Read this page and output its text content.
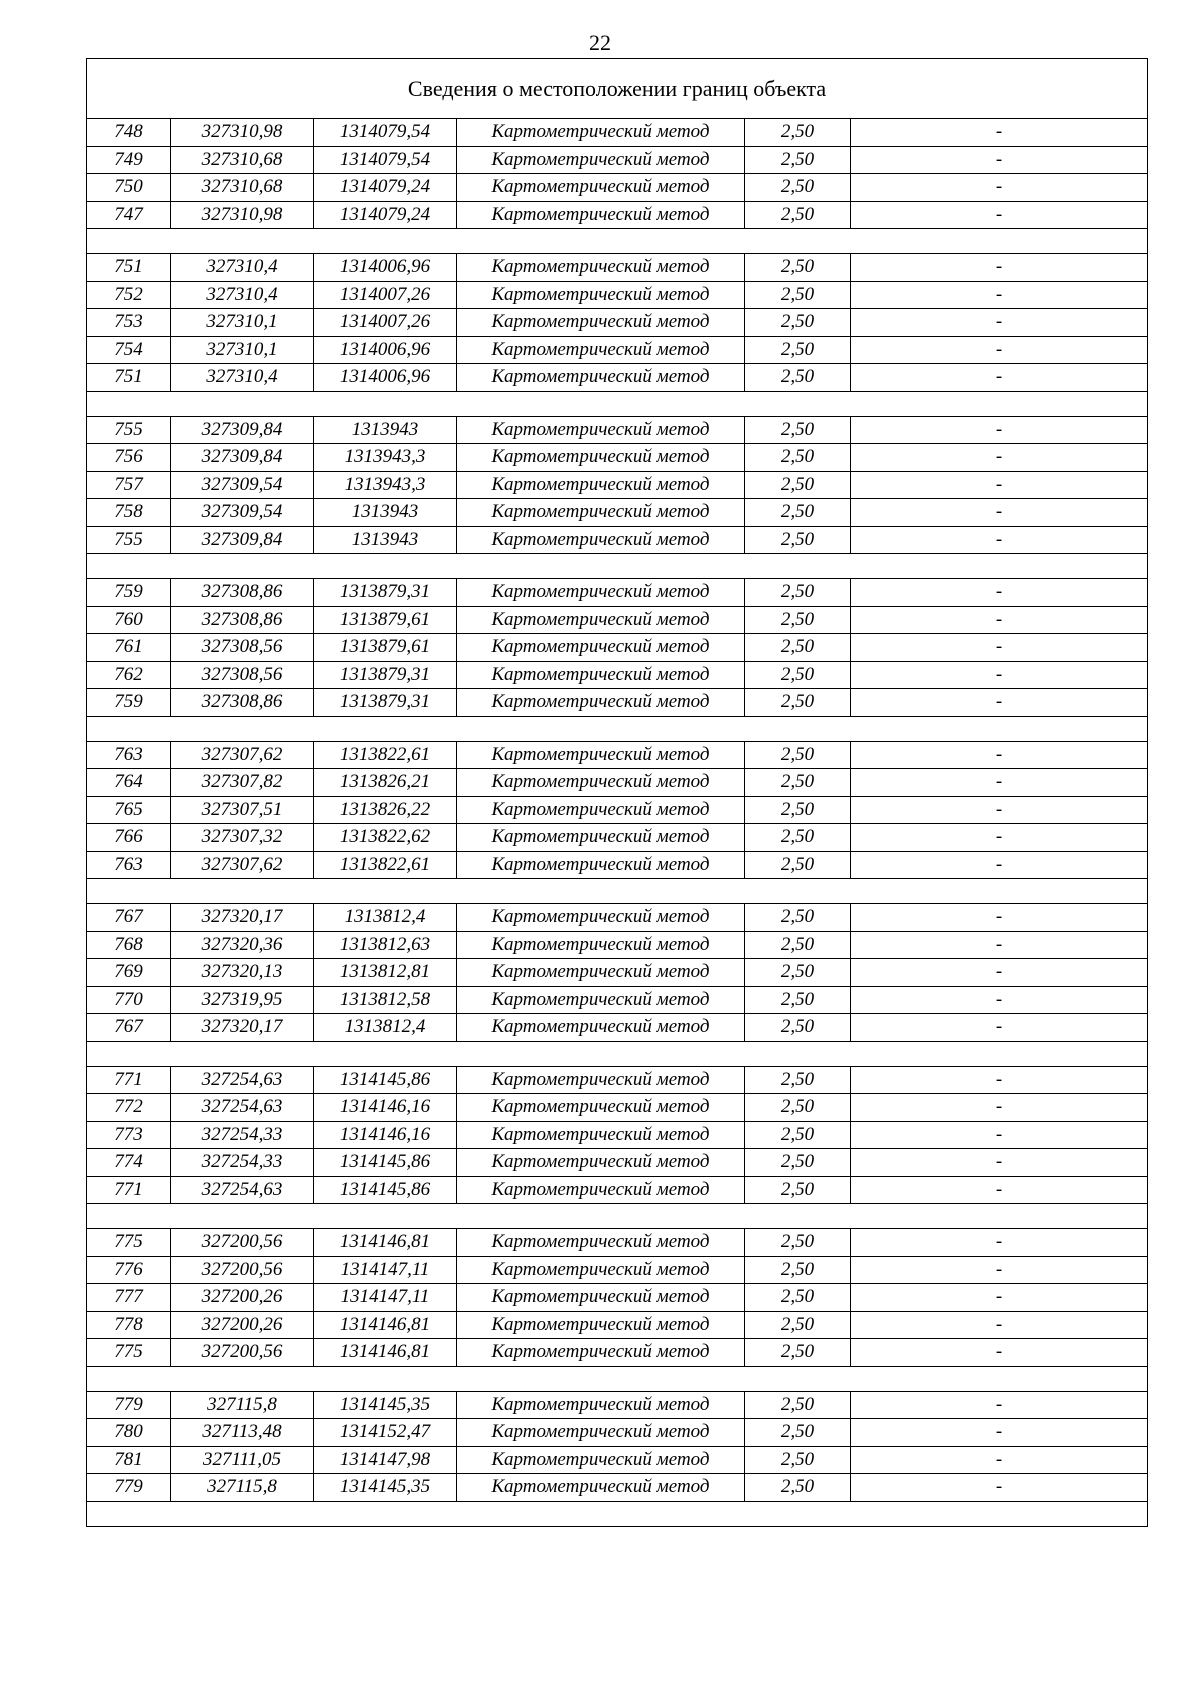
22
Сведения о местоположении границ объекта					
748	327310,98	1314079,54	Картометрический метод	2,50	-
749	327310,68	1314079,54	Картометрический метод	2,50	-
750	327310,68	1314079,24	Картометрический метод	2,50	-
747	327310,98	1314079,24	Картометрический метод	2,50	-

751	327310,4	1314006,96	Картометрический метод	2,50	-
752	327310,4	1314007,26	Картометрический метод	2,50	-
753	327310,1	1314007,26	Картометрический метод	2,50	-
754	327310,1	1314006,96	Картометрический метод	2,50	-
751	327310,4	1314006,96	Картометрический метод	2,50	-

755	327309,84	1313943	Картометрический метод	2,50	-
756	327309,84	1313943,3	Картометрический метод	2,50	-
757	327309,54	1313943,3	Картометрический метод	2,50	-
758	327309,54	1313943	Картометрический метод	2,50	-
755	327309,84	1313943	Картометрический метод	2,50	-

759	327308,86	1313879,31	Картометрический метод	2,50	-
760	327308,86	1313879,61	Картометрический метод	2,50	-
761	327308,56	1313879,61	Картометрический метод	2,50	-
762	327308,56	1313879,31	Картометрический метод	2,50	-
759	327308,86	1313879,31	Картометрический метод	2,50	-

763	327307,62	1313822,61	Картометрический метод	2,50	-
764	327307,82	1313826,21	Картометрический метод	2,50	-
765	327307,51	1313826,22	Картометрический метод	2,50	-
766	327307,32	1313822,62	Картометрический метод	2,50	-
763	327307,62	1313822,61	Картометрический метод	2,50	-

767	327320,17	1313812,4	Картометрический метод	2,50	-
768	327320,36	1313812,63	Картометрический метод	2,50	-
769	327320,13	1313812,81	Картометрический метод	2,50	-
770	327319,95	1313812,58	Картометрический метод	2,50	-
767	327320,17	1313812,4	Картометрический метод	2,50	-

771	327254,63	1314145,86	Картометрический метод	2,50	-
772	327254,63	1314146,16	Картометрический метод	2,50	-
773	327254,33	1314146,16	Картометрический метод	2,50	-
774	327254,33	1314145,86	Картометрический метод	2,50	-
771	327254,63	1314145,86	Картометрический метод	2,50	-

775	327200,56	1314146,81	Картометрический метод	2,50	-
776	327200,56	1314147,11	Картометрический метод	2,50	-
777	327200,26	1314147,11	Картометрический метод	2,50	-
778	327200,26	1314146,81	Картометрический метод	2,50	-
775	327200,56	1314146,81	Картометрический метод	2,50	-

779	327115,8	1314145,35	Картометрический метод	2,50	-
780	327113,48	1314152,47	Картометрический метод	2,50	-
781	327111,05	1314147,98	Картометрический метод	2,50	-
779	327115,8	1314145,35	Картометрический метод	2,50	-
